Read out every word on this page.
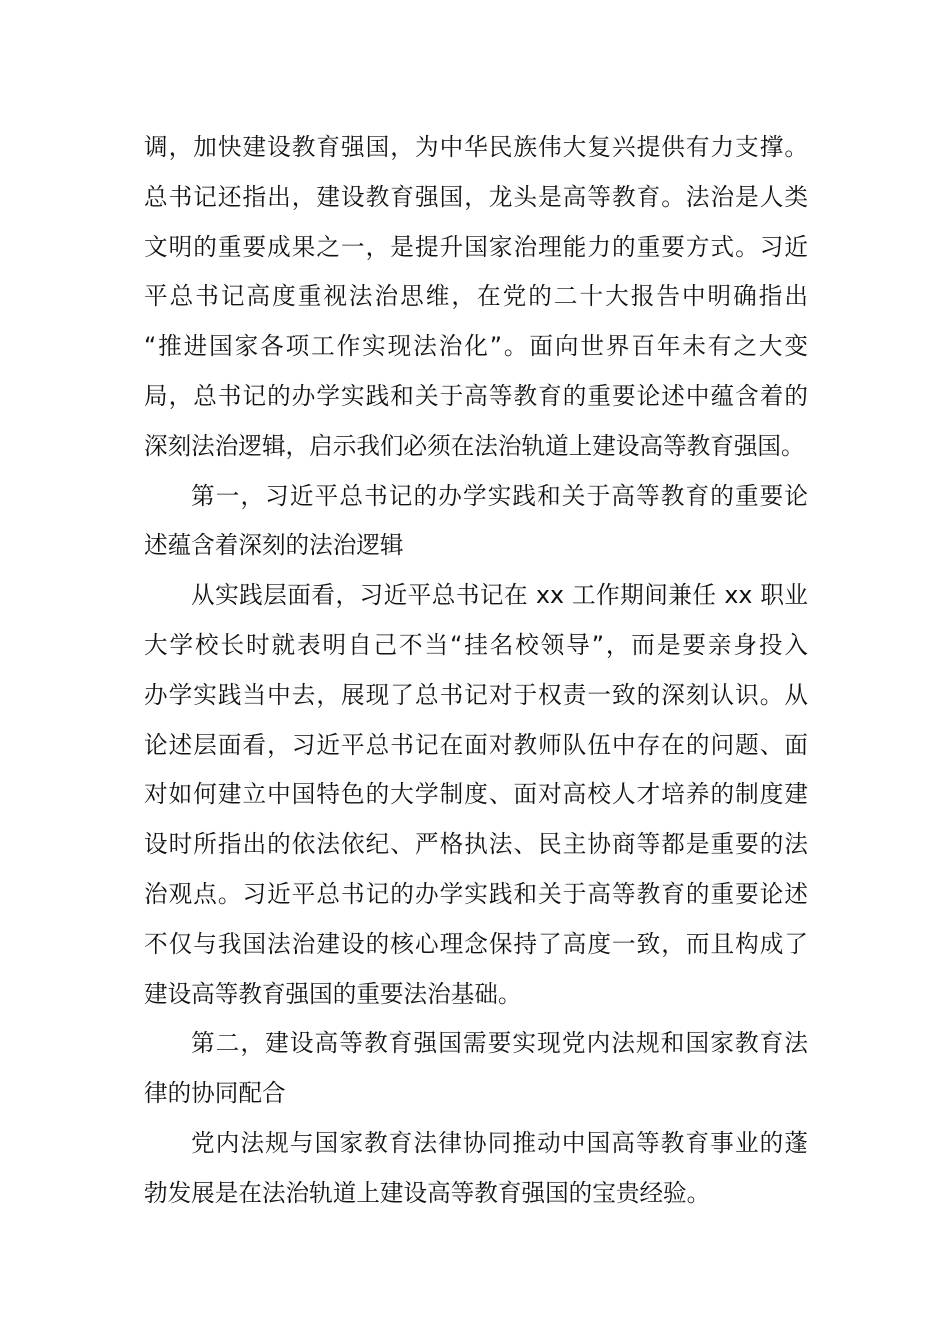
调，加快建设教育强国，为中华民族伟大复兴提供有力支撑。
总书记还指出，建设教育强国，龙头是高等教育。法治是人类
文明的重要成果之一，是提升国家治理能力的重要方式。习近
平总书记高度重视法治思维，在党的二十大报告中明确指出
“推进国家各项工作实现法治化”。面向世界百年未有之大变
局，总书记的办学实践和关于高等教育的重要论述中蕴含着的
深刻法治逻辑，启示我们必须在法治轨道上建设高等教育强国。
第一，习近平总书记的办学实践和关于高等教育的重要论
述蕴含着深刻的法治逻辑
从实践层面看，习近平总书记在 xx 工作期间兼任 xx 职业
大学校长时就表明自己不当“挂名校领导”，而是要亲身投入
办学实践当中去，展现了总书记对于权责一致的深刻认识。从
论述层面看，习近平总书记在面对教师队伍中存在的问题、面
对如何建立中国特色的大学制度、面对高校人才培养的制度建
设时所指出的依法依纪、严格执法、民主协商等都是重要的法
治观点。习近平总书记的办学实践和关于高等教育的重要论述
不仅与我国法治建设的核心理念保持了高度一致，而且构成了
建设高等教育强国的重要法治基础。
第二，建设高等教育强国需要实现党内法规和国家教育法
律的协同配合
党内法规与国家教育法律协同推动中国高等教育事业的蓬
勃发展是在法治轨道上建设高等教育强国的宝贵经验。
